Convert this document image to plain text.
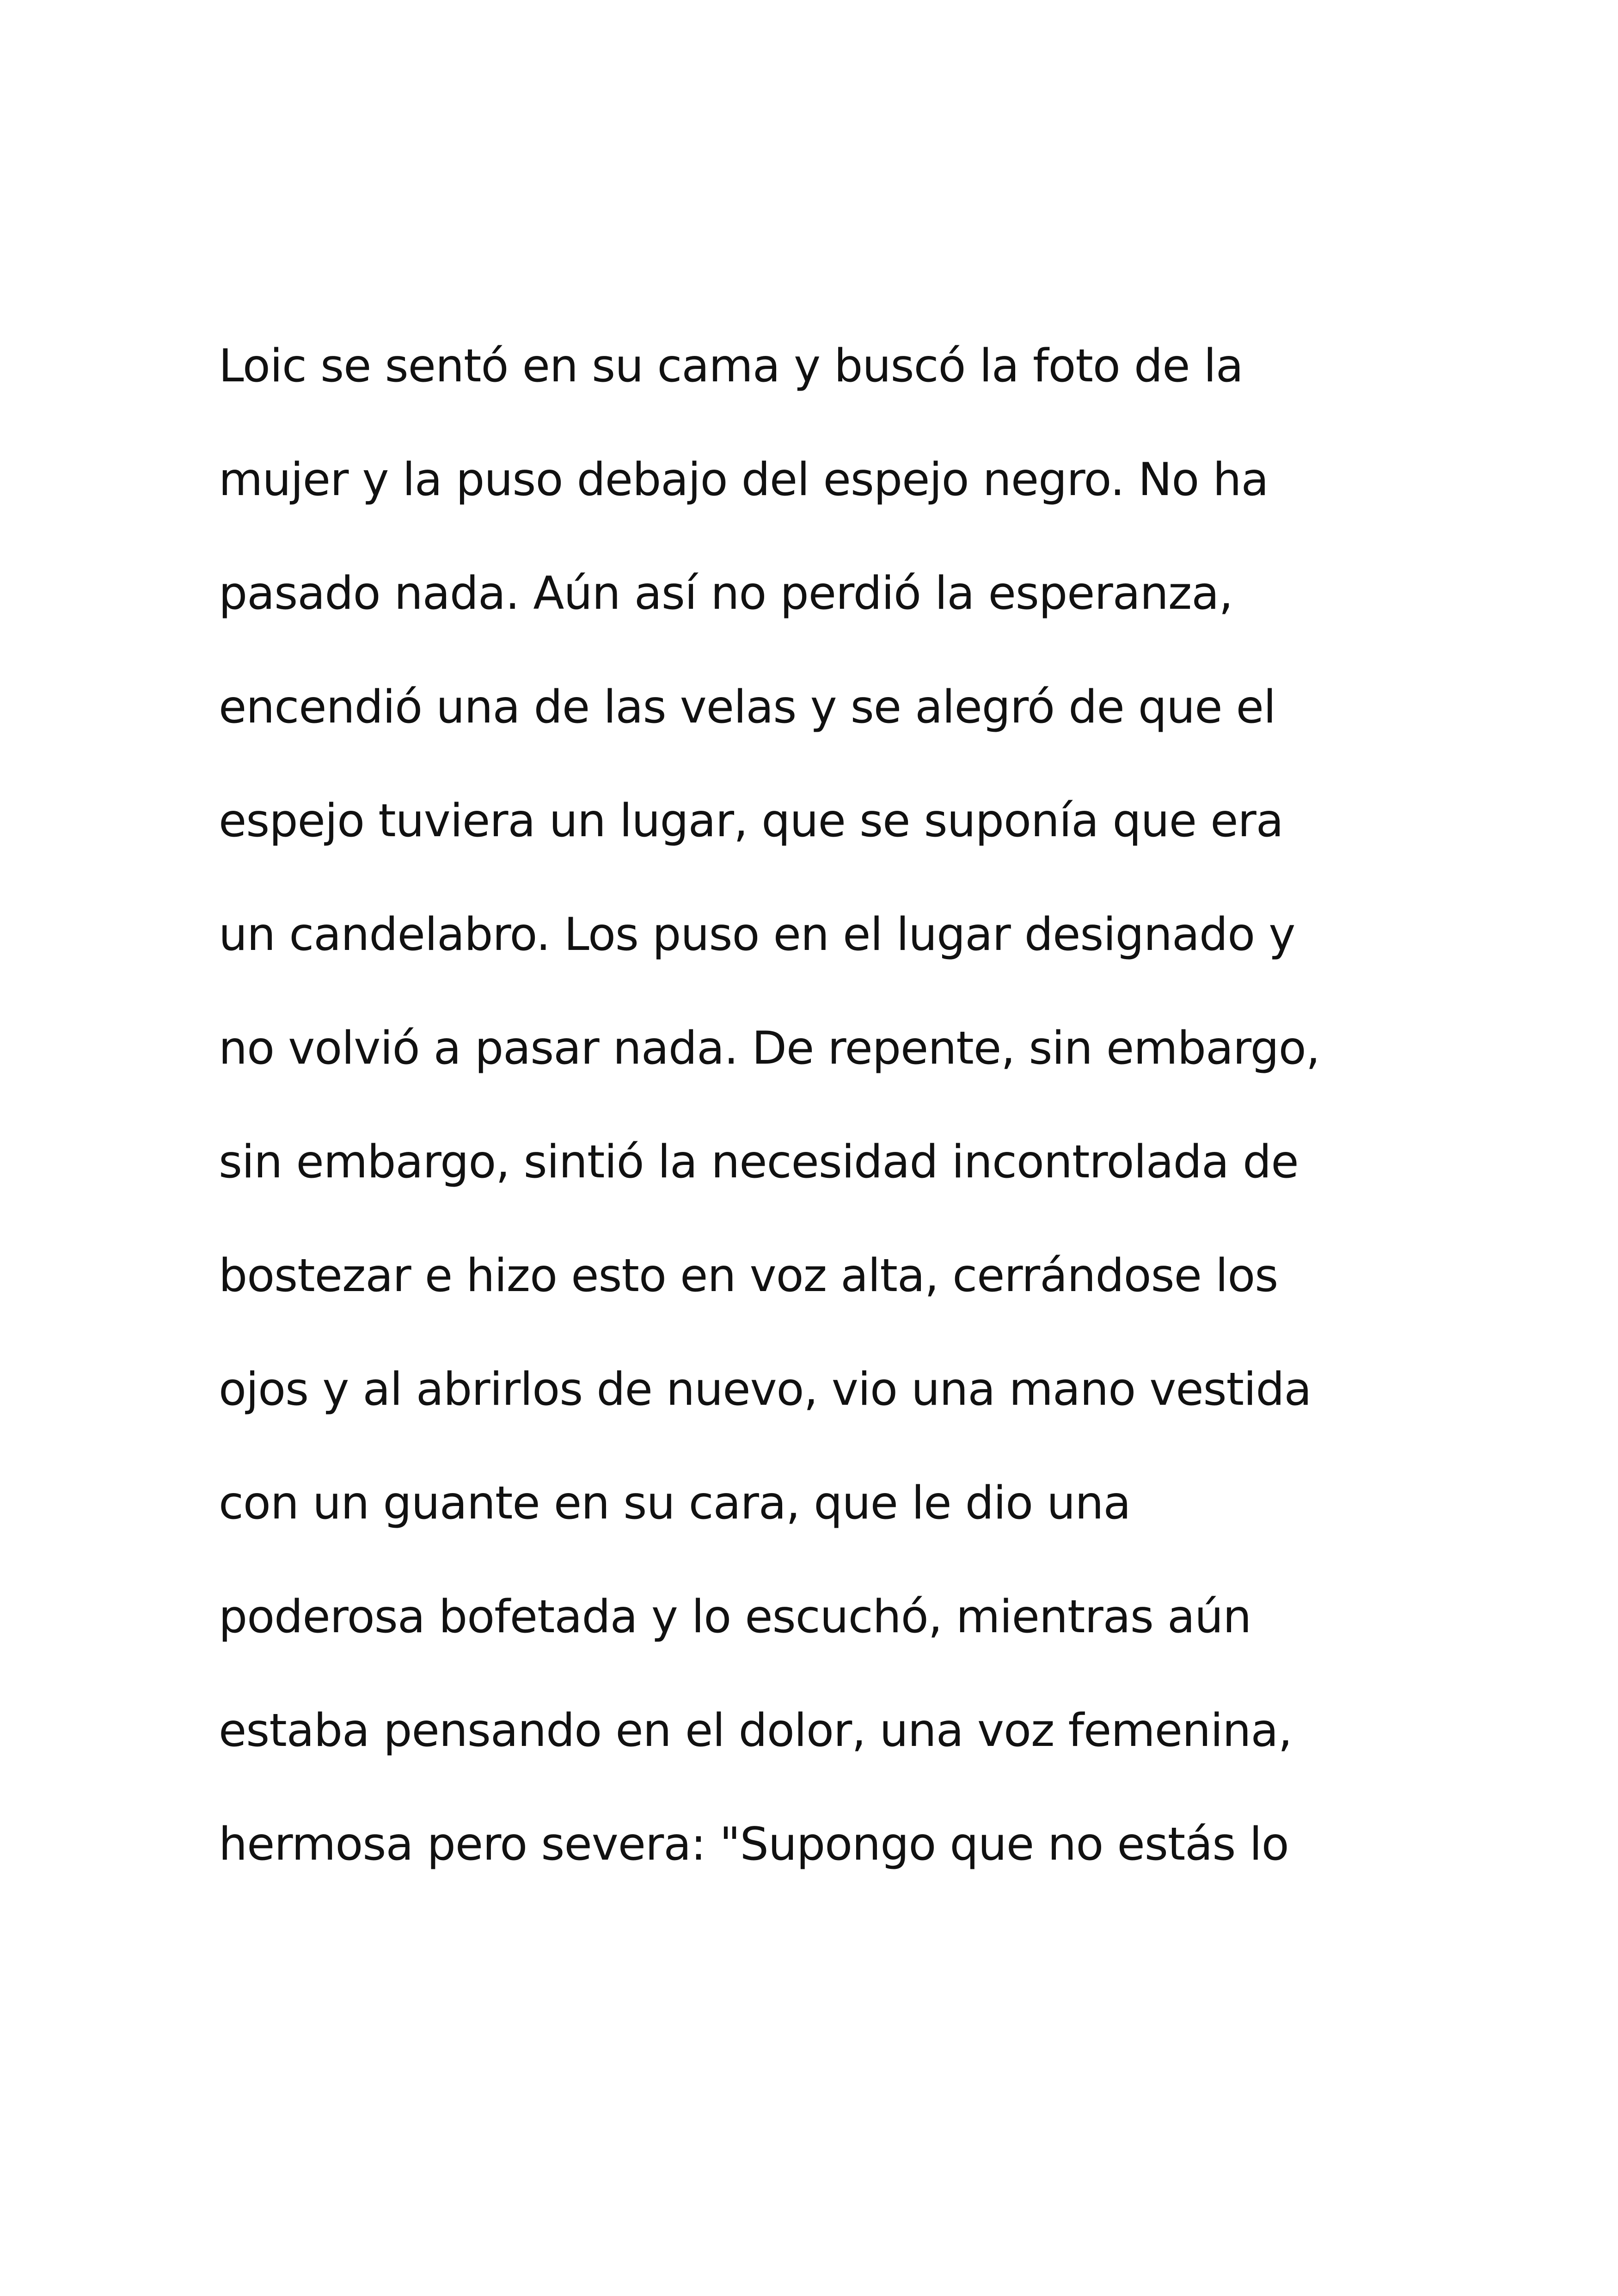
Loic se sentó en su cama y buscó la foto de la
mujer y la puso debajo del espejo negro. No ha
pasado nada. Aún así no perdió la esperanza,
encendió una de las velas y se alegró de que el
espejo tuviera un lugar, que se suponía que era
un candelabro. Los puso en el lugar designado y
no volvió a pasar nada. De repente, sin embargo,
sin embargo, sintió la necesidad incontrolada de
bostezar e hizo esto en voz alta, cerrándose los
ojos y al abrirlos de nuevo, vio una mano vestida
con un guante en su cara, que le dio una
poderosa bofetada y lo escuchó, mientras aún
estaba pensando en el dolor, una voz femenina,
hermosa pero severa: "Supongo que no estás lo
